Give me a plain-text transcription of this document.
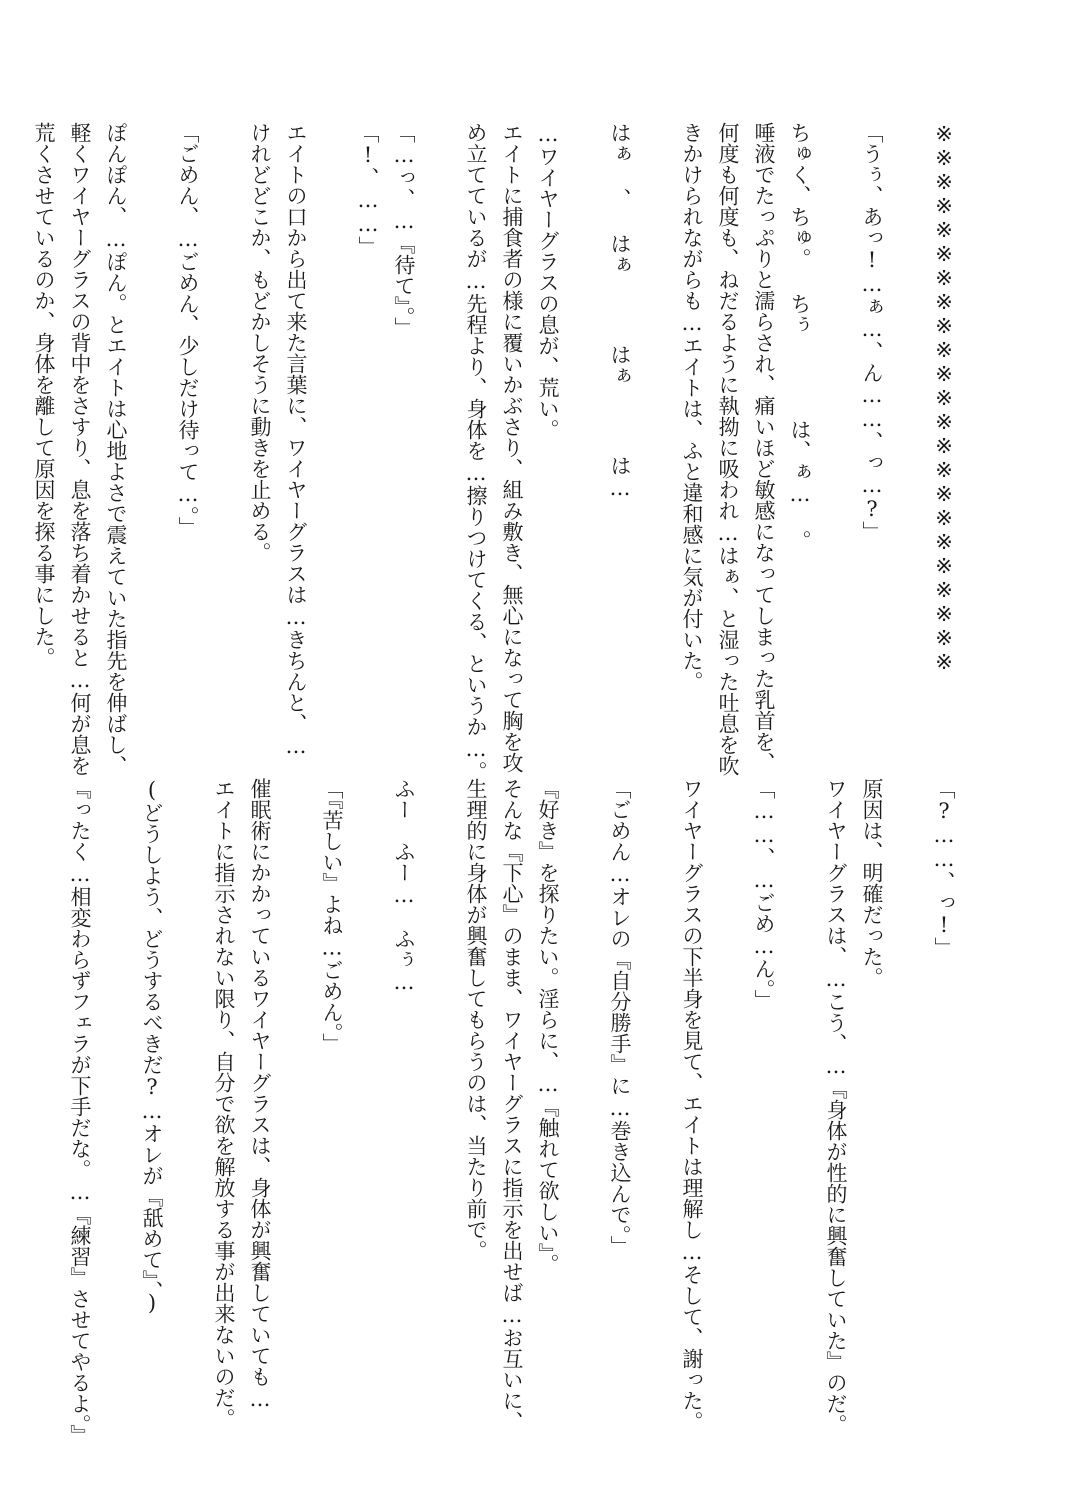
※※※※※※※※※※※※※※※※※※※※※※※

「うぅ、あっ!…ぁ…、ん……、っ…?」

ちゅく、ちゅ。 ちぅ　　　　は、ぁ… 。
唾液でたっぷりと濡らされ、痛いほど敏感になってしまった乳首を、
何度も何度も、ねだるように執拗に吸われ…はぁ、と湿った吐息を吹
きかけられながらも…エイトは、ふと違和感に気が付いた。

はぁ 、 はぁ 　 はぁ 　 は…

…ワイヤーグラスの息が、荒い。
エイトに捕食者の様に覆いかぶさり、組み敷き、無心になって胸を攻
め立てているが…先程より、身体を…擦りつけてくる、というか…。

「…っ、…『待て』。」
「!、……」

エイトの口から出て来た言葉に、ワイヤーグラスは…きちんと、…
けれどどこか、もどかしそうに動きを止める。

「ごめん、…ごめん、少しだけ待って…。」

ぽんぽん、…ぽん。とエイトは心地よさで震えていた指先を伸ばし、
軽くワイヤーグラスの背中をさすり、息を落ち着かせると…何が息を
荒くさせているのか、身体を離して原因を探る事にした。
「?……、っ!」

原因は、明確だった。
ワイヤーグラスは、…こう、…『身体が性的に興奮していた』のだ。

「……、…ごめ…ん。」

ワイヤーグラスの下半身を見て、エイトは理解し…そして、謝った。

「ごめん…オレの『自分勝手』に…巻き込んで。」

『好き』を探りたい。淫らに、…『触れて欲しい』。
そんな『下心』のまま、ワイヤーグラスに指示を出せば…お互いに、
生理的に身体が興奮してもらうのは、当たり前で。

ふー　ふー…　ふぅ…

「『苦しい』よね…ごめん。」

催眠術にかかっているワイヤーグラスは、身体が興奮していても…
エイトに指示されない限り、自分で欲を解放する事が出来ないのだ。

(どうしよう、どうするべきだ?…オレが『舐めて』、)

『ったく…相変わらずフェラが下手だな。…『練習』させてやるよ。』
